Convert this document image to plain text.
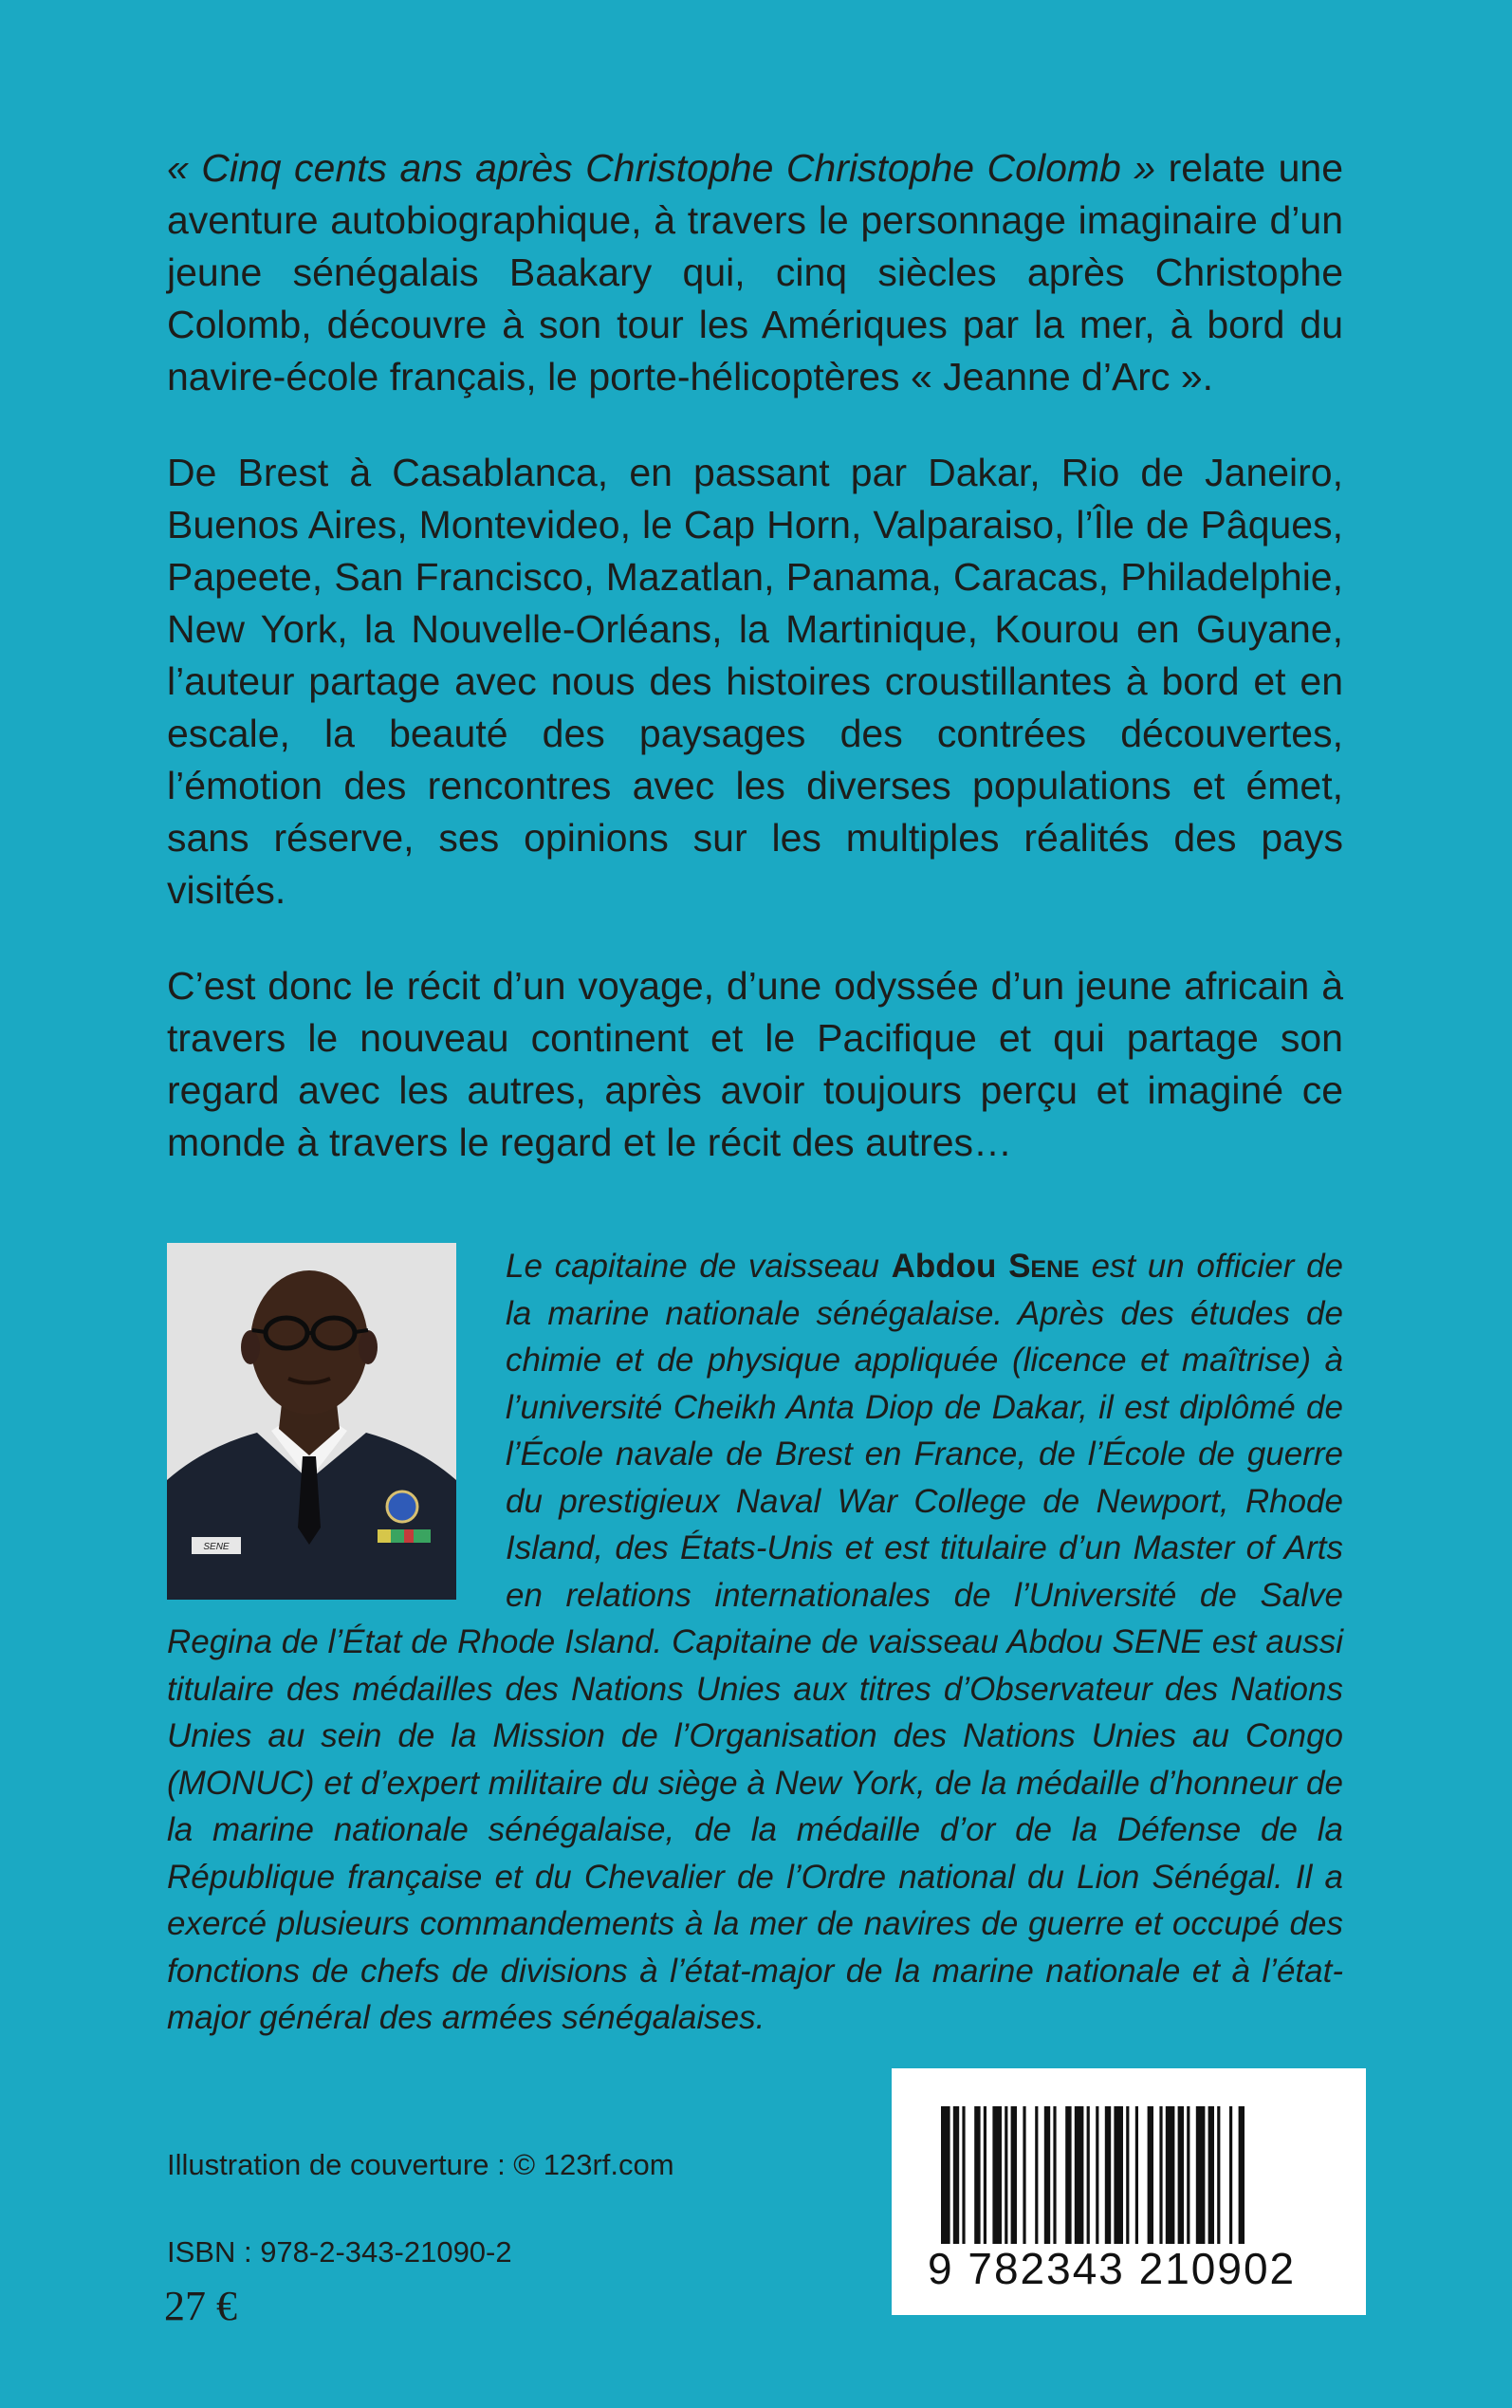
« Cinq cents ans après Christophe Christophe Colomb » relate une aventure autobiographique, à travers le personnage imaginaire d’un jeune sénégalais Baakary qui, cinq siècles après Christophe Colomb, découvre à son tour les Amériques par la mer, à bord du navire-école français, le porte-hélicoptères « Jeanne d’Arc ».

De Brest à Casablanca, en passant par Dakar, Rio de Janeiro, Buenos Aires, Montevideo, le Cap Horn, Valparaiso, l’Île de Pâques, Papeete, San Francisco, Mazatlan, Panama, Caracas, Philadelphie, New York, la Nouvelle-Orléans, la Martinique, Kourou en Guyane, l’auteur partage avec nous des histoires croustillantes à bord et en escale, la beauté des paysages des contrées découvertes, l’émotion des rencontres avec les diverses populations et émet, sans réserve, ses opinions sur les multiples réalités des pays visités.

C’est donc le récit d’un voyage, d’une odyssée d’un jeune africain à travers le nouveau continent et le Pacifique et qui partage son regard avec les autres, après avoir toujours perçu et imaginé ce monde à travers le regard et le récit des autres…

SENE
Le capitaine de vaisseau Abdou Sene est un officier de la marine nationale sénégalaise. Après des études de chimie et de physique appliquée (licence et maîtrise) à l’université Cheikh Anta Diop de Dakar, il est diplômé de l’École navale de Brest en France, de l’École de guerre du prestigieux Naval War College de Newport, Rhode Island, des États-Unis et est titulaire d’un Master of Arts en relations internationales de l’Université de Salve Regina de l’État de Rhode Island. Capitaine de vaisseau Abdou SENE est aussi titulaire des médailles des Nations Unies aux titres d’Observateur des Nations Unies au sein de la Mission de l’Organisation des Nations Unies au Congo (MONUC) et d’expert militaire du siège à New York, de la médaille d’honneur de la marine nationale sénégalaise, de la médaille d’or de la Défense de la République française et du Chevalier de l’Ordre national du Lion Sénégal. Il a exercé plusieurs commandements à la mer de navires de guerre et occupé des fonctions de chefs de divisions à l’état-major de la marine nationale et à l’état-major général des armées sénégalaises.
Illustration de couverture : © 123rf.com
ISBN : 978-2-343-21090-2
27 €
9 782343 210902
